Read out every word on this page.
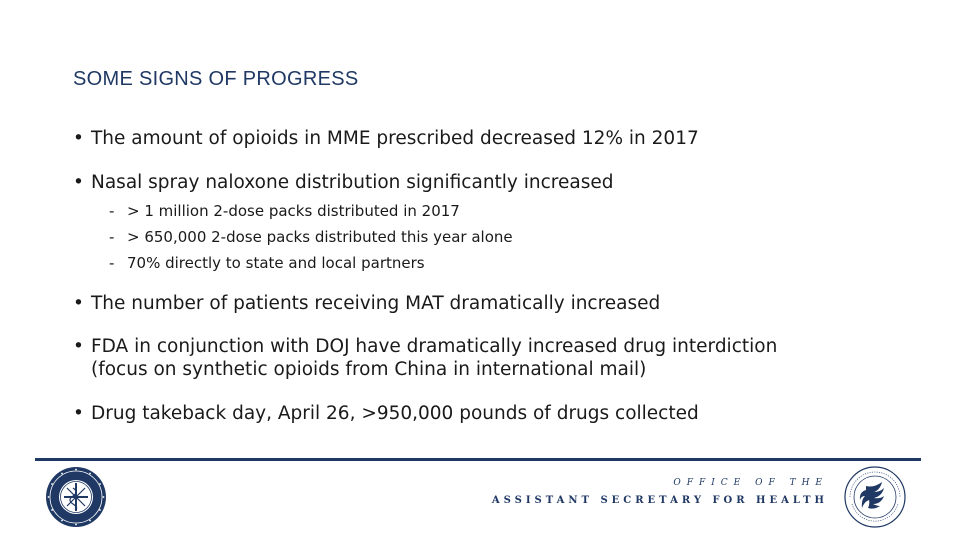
SOME SIGNS OF PROGRESS
• The amount of opioids in MME prescribed decreased 12% in 2017
• Nasal spray naloxone distribution significantly increased
- > 1 million 2-dose packs distributed in 2017
- > 650,000 2-dose packs distributed this year alone
- 70% directly to state and local partners
• The number of patients receiving MAT dramatically increased
• FDA in conjunction with DOJ have dramatically increased drug interdiction (focus on synthetic opioids from China in international mail)
• Drug takeback day, April 26, >950,000 pounds of drugs collected
OFFICE OF THE
ASSISTANT SECRETARY FOR HEALTH
